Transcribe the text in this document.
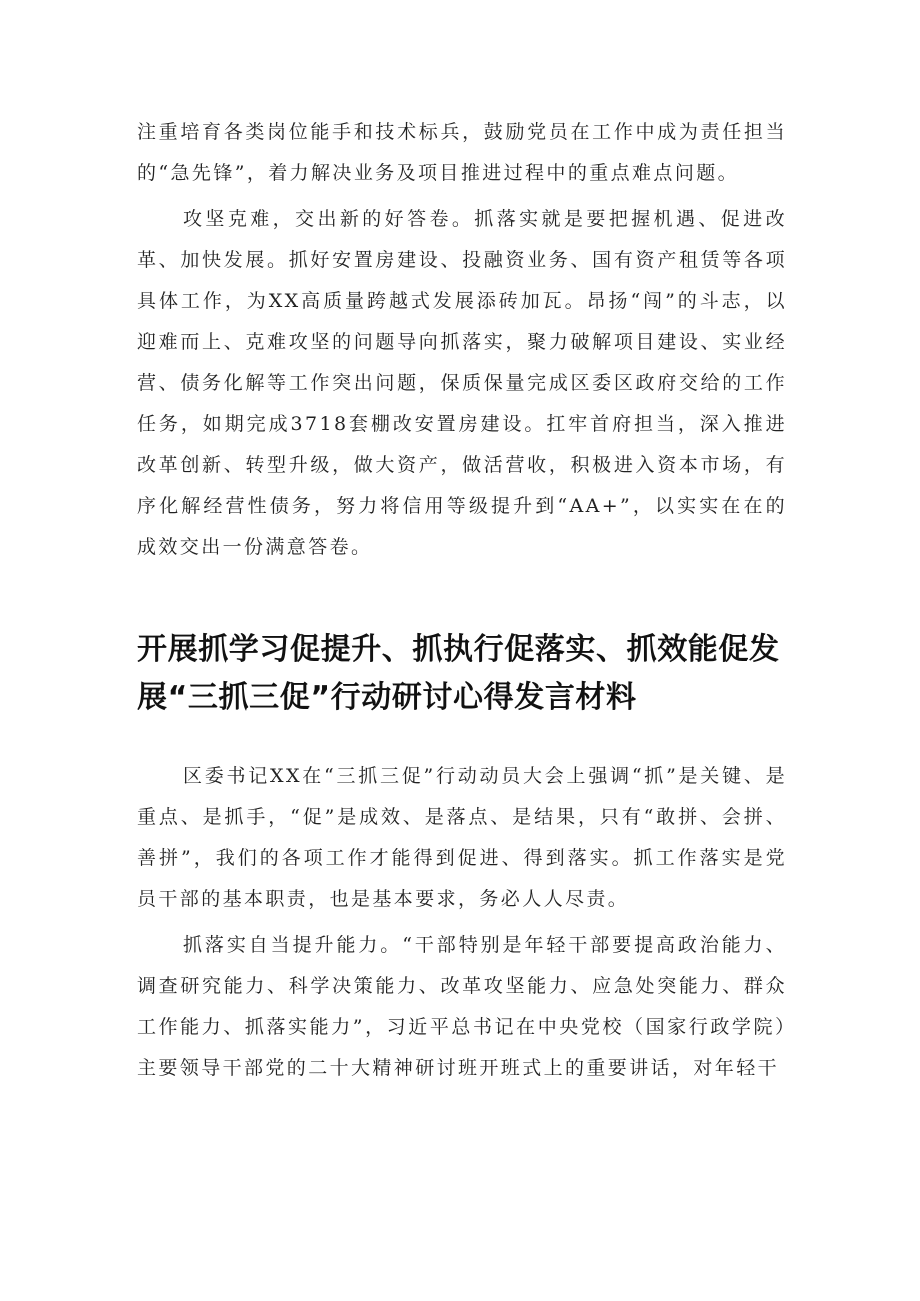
注重培育各类岗位能手和技术标兵，鼓励党员在工作中成为责任担当的“急先锋”，着力解决业务及项目推进过程中的重点难点问题。

攻坚克难，交出新的好答卷。抓落实就是要把握机遇、促进改革、加快发展。抓好安置房建设、投融资业务、国有资产租赁等各项具体工作，为XX高质量跨越式发展添砖加瓦。昂扬“闯”的斗志，以迎难而上、克难攻坚的问题导向抓落实，聚力破解项目建设、实业经营、债务化解等工作突出问题，保质保量完成区委区政府交给的工作任务，如期完成3718套棚改安置房建设。扛牢首府担当，深入推进改革创新、转型升级，做大资产，做活营收，积极进入资本市场，有序化解经营性债务，努力将信用等级提升到“AA+”，以实实在在的成效交出一份满意答卷。

开展抓学习促提升、抓执行促落实、抓效能促发展“三抓三促”行动研讨心得发言材料

区委书记XX在“三抓三促”行动动员大会上强调“抓”是关键、是重点、是抓手，“促”是成效、是落点、是结果，只有“敢拼、会拼、善拼”，我们的各项工作才能得到促进、得到落实。抓工作落实是党员干部的基本职责，也是基本要求，务必人人尽责。

抓落实自当提升能力。“干部特别是年轻干部要提高政治能力、调查研究能力、科学决策能力、改革攻坚能力、应急处突能力、群众工作能力、抓落实能力”，习近平总书记在中央党校（国家行政学院）主要领导干部党的二十大精神研讨班开班式上的重要讲话，对年轻干
